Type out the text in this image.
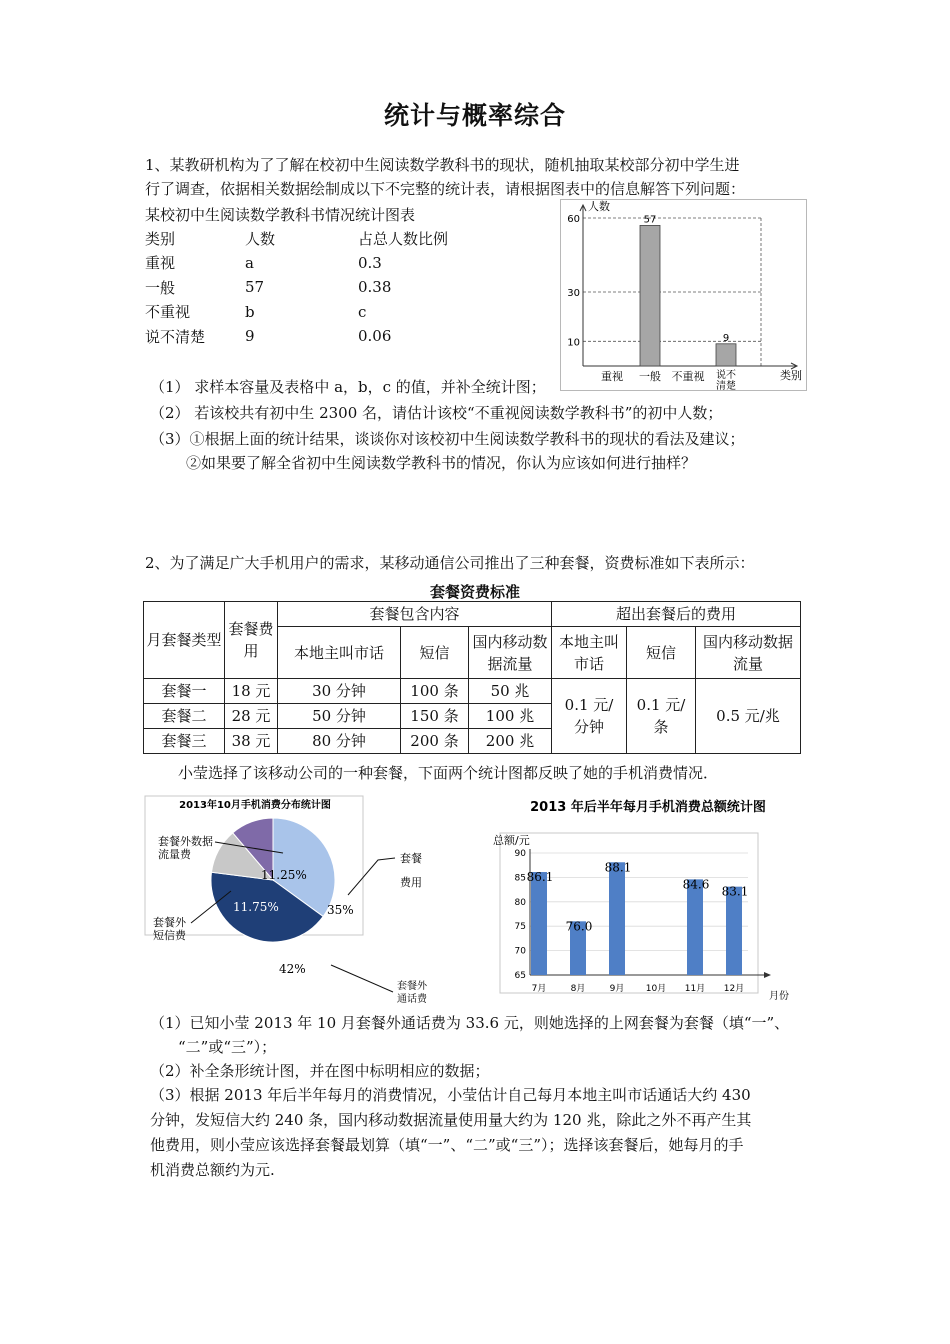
统计与概率综合
1、某教研机构为了了解在校初中生阅读数学教科书的现状，随机抽取某校部分初中学生进
行了调查，依据相关数据绘制成以下不完整的统计表，请根据图表中的信息解答下列问题：
某校初中生阅读数学教科书情况统计图表
类别	人数	占总人数比例
重视	a	0.3
一般	57	0.38
不重视	b	c
说不清楚	9	0.06	10
30
60
人数
类别
重视 一般
57
不重视 说不
清楚
9
（1） 求样本容量及表格中 a，b，c 的值，并补全统计图；
（2） 若该校共有初中生 2300 名，请估计该校“不重视阅读数学教科书”的初中人数；
（3）①根据上面的统计结果，谈谈你对该校初中生阅读数学教科书的现状的看法及建议；
②如果要了解全省初中生阅读数学教科书的情况，你认为应该如何进行抽样？
2、为了满足广大手机用户的需求，某移动通信公司推出了三种套餐，资费标准如下表所示：
套餐资费标准
月套餐类型	套餐费用	套餐包含内容			超出套餐后的费用		
		本地主叫市话	短信	国内移动数据流量	本地主叫市话	短信	国内移动数据流量
套餐一	18 元	30 分钟	100 条	50 兆	0.1 元/分钟	0.1 元/条	0.5 元/兆
套餐二	28 元	50 分钟	150 条	100 兆			
套餐三	38 元	80 分钟	200 条	200 兆			
小莹选择了该移动公司的一种套餐，下面两个统计图都反映了她的手机消费情况．
2013年10月手机消费分布统计图
35%
42%
11.75%
11.25%
套餐外数据
流量费	套餐
费用
套餐外
短信费
套餐外
通话费
2013 年后半年每月手机消费总额统计图
65
70
75
80
85
90
总额/元
月份
7月
86.1
8月
76.0
9月
88.1
10月 11月
84.6
12月
83.1
（1）已知小莹 2013 年 10 月套餐外通话费为 33.6 元，则她选择的上网套餐为套餐（填“一”、
“二”或“三”）；
（2）补全条形统计图，并在图中标明相应的数据；
（3）根据 2013 年后半年每月的消费情况，小莹估计自己每月本地主叫市话通话大约 430
分钟，发短信大约 240 条，国内移动数据流量使用量大约为 120 兆，除此之外不再产生其
他费用，则小莹应该选择套餐最划算（填“一”、“二”或“三”）；选择该套餐后，她每月的手
机消费总额约为元.
